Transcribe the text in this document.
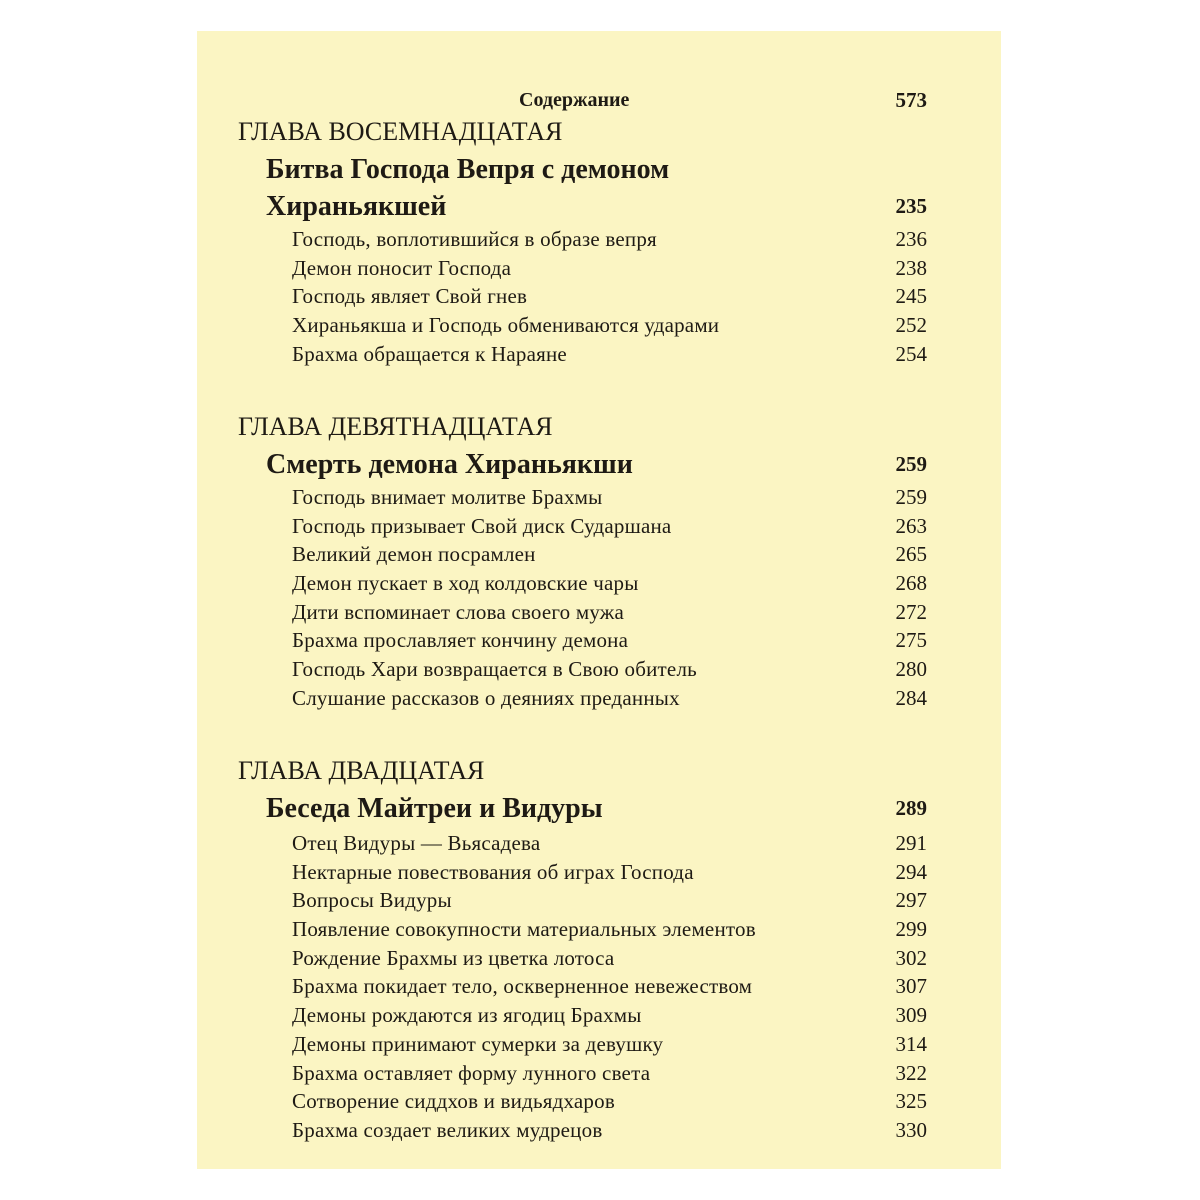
Содержание	573
ГЛАВА ВОСЕМНАДЦАТАЯ
Битва Господа Вепря с демоном Хираньякшей	235
Господь, воплотившийся в образе вепря	236
Демон поносит Господа	238
Господь являет Свой гнев	245
Хираньякша и Господь обмениваются ударами	252
Брахма обращается к Нараяне	254
ГЛАВА ДЕВЯТНАДЦАТАЯ
Смерть демона Хираньякши	259
Господь внимает молитве Брахмы	259
Господь призывает Свой диск Сударшана	263
Великий демон посрамлен	265
Демон пускает в ход колдовские чары	268
Дити вспоминает слова своего мужа	272
Брахма прославляет кончину демона	275
Господь Хари возвращается в Свою обитель	280
Слушание рассказов о деяниях преданных	284
ГЛАВА ДВАДЦАТАЯ
Беседа Майтреи и Видуры	289
Отец Видуры — Вьясадева	291
Нектарные повествования об играх Господа	294
Вопросы Видуры	297
Появление совокупности материальных элементов	299
Рождение Брахмы из цветка лотоса	302
Брахма покидает тело, оскверненное невежеством	307
Демоны рождаются из ягодиц Брахмы	309
Демоны принимают сумерки за девушку	314
Брахма оставляет форму лунного света	322
Сотворение сиддхов и видьядхаров	325
Брахма создает великих мудрецов	330
